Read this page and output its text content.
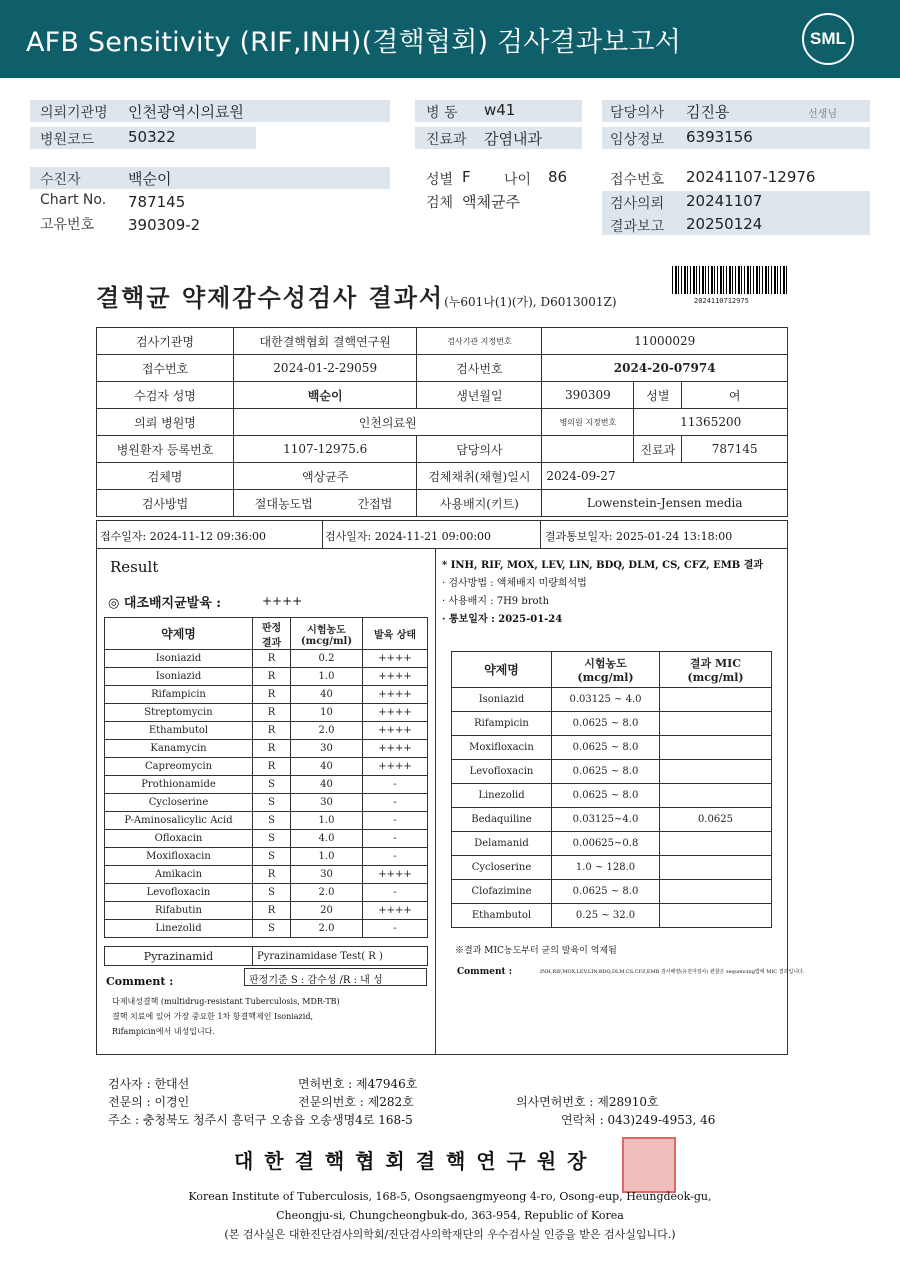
AFB Sensitivity (RIF,INH)(결핵협회) 검사결과보고서	SML
의뢰기관명 인천광역시의료원
병원코드 50322
병 동 w41
진료과 감염내과
담당의사 김진용	선생님
임상정보 6393156
수진자	백순이
Chart No. 787145
고유번호 390309-2
성별 F 나이 86
검체 액체균주
접수번호 20241107-12976
검사의뢰 20241107
결과보고 20250124
결핵균 약제감수성검사 결과서(누601나(1)(가), D6013001Z)	2024110712975
검사기관명	대한결핵협회 결핵연구원		검사기관 지정번호	11000029		
접수번호	2024-01-2-29059		검사번호	2024-20-07974		
수검자 성명	백순이		생년월일	390309	성별	여
의뢰 병원명	인천의료원			병의원 지정번호	11365200	
병원환자 등록번호	1107-12975.6		담당의사		진료과	787145
검체명	액상균주		검체채취(채혈)일시	2024-09-27		
검사방법	절대농도법	간접법	사용배지(키트)	Lowenstein-Jensen media		
접수일자: 2024-11-12 09:36:00	검사일자: 2024-11-21 09:00:00	결과통보일자: 2025-01-24 13:18:00
Result
◎ 대조배지균발육 :	++++
약제명	판정 결과	시험농도 (mcg/ml)	발육 상태
Isoniazid	R	0.2	++++
Isoniazid	R	1.0	++++
Rifampicin	R	40	++++
Streptomycin	R	10	++++
Ethambutol	R	2.0	++++
Kanamycin	R	30	++++
Capreomycin	R	40	++++
Prothionamide	S	40	-
Cycloserine	S	30	-
P-Aminosalicylic Acid	S	1.0	-
Ofloxacin	S	4.0	-
Moxifloxacin	S	1.0	-
Amikacin	R	30	++++
Levofloxacin	S	2.0	-
Rifabutin	R	20	++++
Linezolid	S	2.0	-
Pyrazinamid	Pyrazinamidase Test( R )
Comment :	판정기준 S : 감수성 /R : 내 성
다제내성결핵 (multidrug-resistant Tuberculosis, MDR-TB)
결핵 치료에 있어 가장 중요한 1차 항결핵제인 Isoniazid,
Rifampicin에서 내성입니다.
* INH, RIF, MOX, LEV, LIN, BDQ, DLM, CS, CFZ, EMB 결과
· 검사방법 : 액체배지 미량희석법
· 사용배지 : 7H9 broth
· 통보일자 : 2025-01-24
약제명	시험농도 (mcg/ml)	결과 MIC (mcg/ml)
Isoniazid	0.03125 ~ 4.0	
Rifampicin	0.0625 ~ 8.0	
Moxifloxacin	0.0625 ~ 8.0	
Levofloxacin	0.0625 ~ 8.0	
Linezolid	0.0625 ~ 8.0	
Bedaquiline	0.03125~4.0	0.0625
Delamanid	0.00625~0.8	
Cycloserine	1.0 ~ 128.0	
Clofazimine	0.0625 ~ 8.0	
Ethambutol	0.25 ~ 32.0	
※결과 MIC농도부터 균의 발육이 억제됨
Comment :	INH,RIF,MOX,LEV,LIN,BDQ,DLM,CS,CFZ,EMB 검사배양(유전자검사) 관찰은 sequencing법에 MIC 결과입니다.
검사자 : 한대선	면허번호 : 제47946호
전문의 : 이경인	전문의번호 : 제282호	의사면허번호 : 제28910호
주소 : 충청북도 청주시 흥덕구 오송읍 오송생명4로 168-5	연락처 : 043)249-4953, 46
대 한 결 핵 협 회 결 핵 연 구 원 장
Korean Institute of Tuberculosis, 168-5, Osongsaengmyeong 4-ro, Osong-eup, Heungdeok-gu,
Cheongju-si, Chungcheongbuk-do, 363-954, Republic of Korea
(본 검사실은 대한진단검사의학회/진단검사의학재단의 우수검사실 인증을 받은 검사실입니다.)
